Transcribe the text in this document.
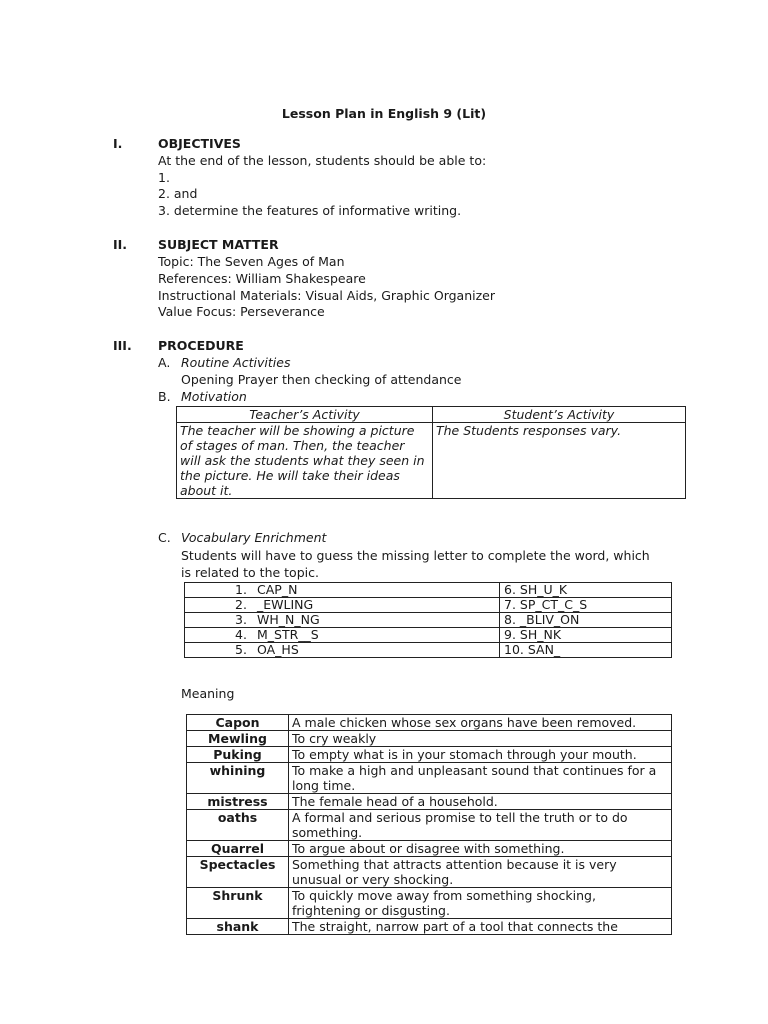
Lesson Plan in English 9 (Lit)
I.	OBJECTIVES
At the end of the lesson, students should be able to:
1.
2. and
3. determine the features of informative writing.
II. SUBJECT MATTER
Topic: The Seven Ages of Man
References: William Shakespeare
Instructional Materials: Visual Aids, Graphic Organizer
Value Focus: Perseverance
III. PROCEDURE
A. Routine Activities
Opening Prayer then checking of attendance
B. Motivation
Teacher’s Activity	Student’s Activity
The teacher will be showing a picture of stages of man. Then, the teacher will ask the students what they seen in the picture. He will take their ideas about it.	The Students responses vary.
C. Vocabulary Enrichment
Students will have to guess the missing letter to complete the word, which
is related to the topic.
1. CAP_N	6. SH_U_K
2. _EWLING	7. SP_CT_C_S
3. WH_N_NG	8. _BLIV_ON
4. M_STR__S	9. SH_NK
5. OA_HS	10. SAN_
Meaning
Capon	A male chicken whose sex organs have been removed.
Mewling	To cry weakly
Puking	To empty what is in your stomach through your mouth.
whining	To make a high and unpleasant sound that continues for a long time.
mistress	The female head of a household.
oaths	A formal and serious promise to tell the truth or to do something.
Quarrel	To argue about or disagree with something.
Spectacles	Something that attracts attention because it is very unusual or very shocking.
Shrunk	To quickly move away from something shocking, frightening or disgusting.
shank	The straight, narrow part of a tool that connects the
